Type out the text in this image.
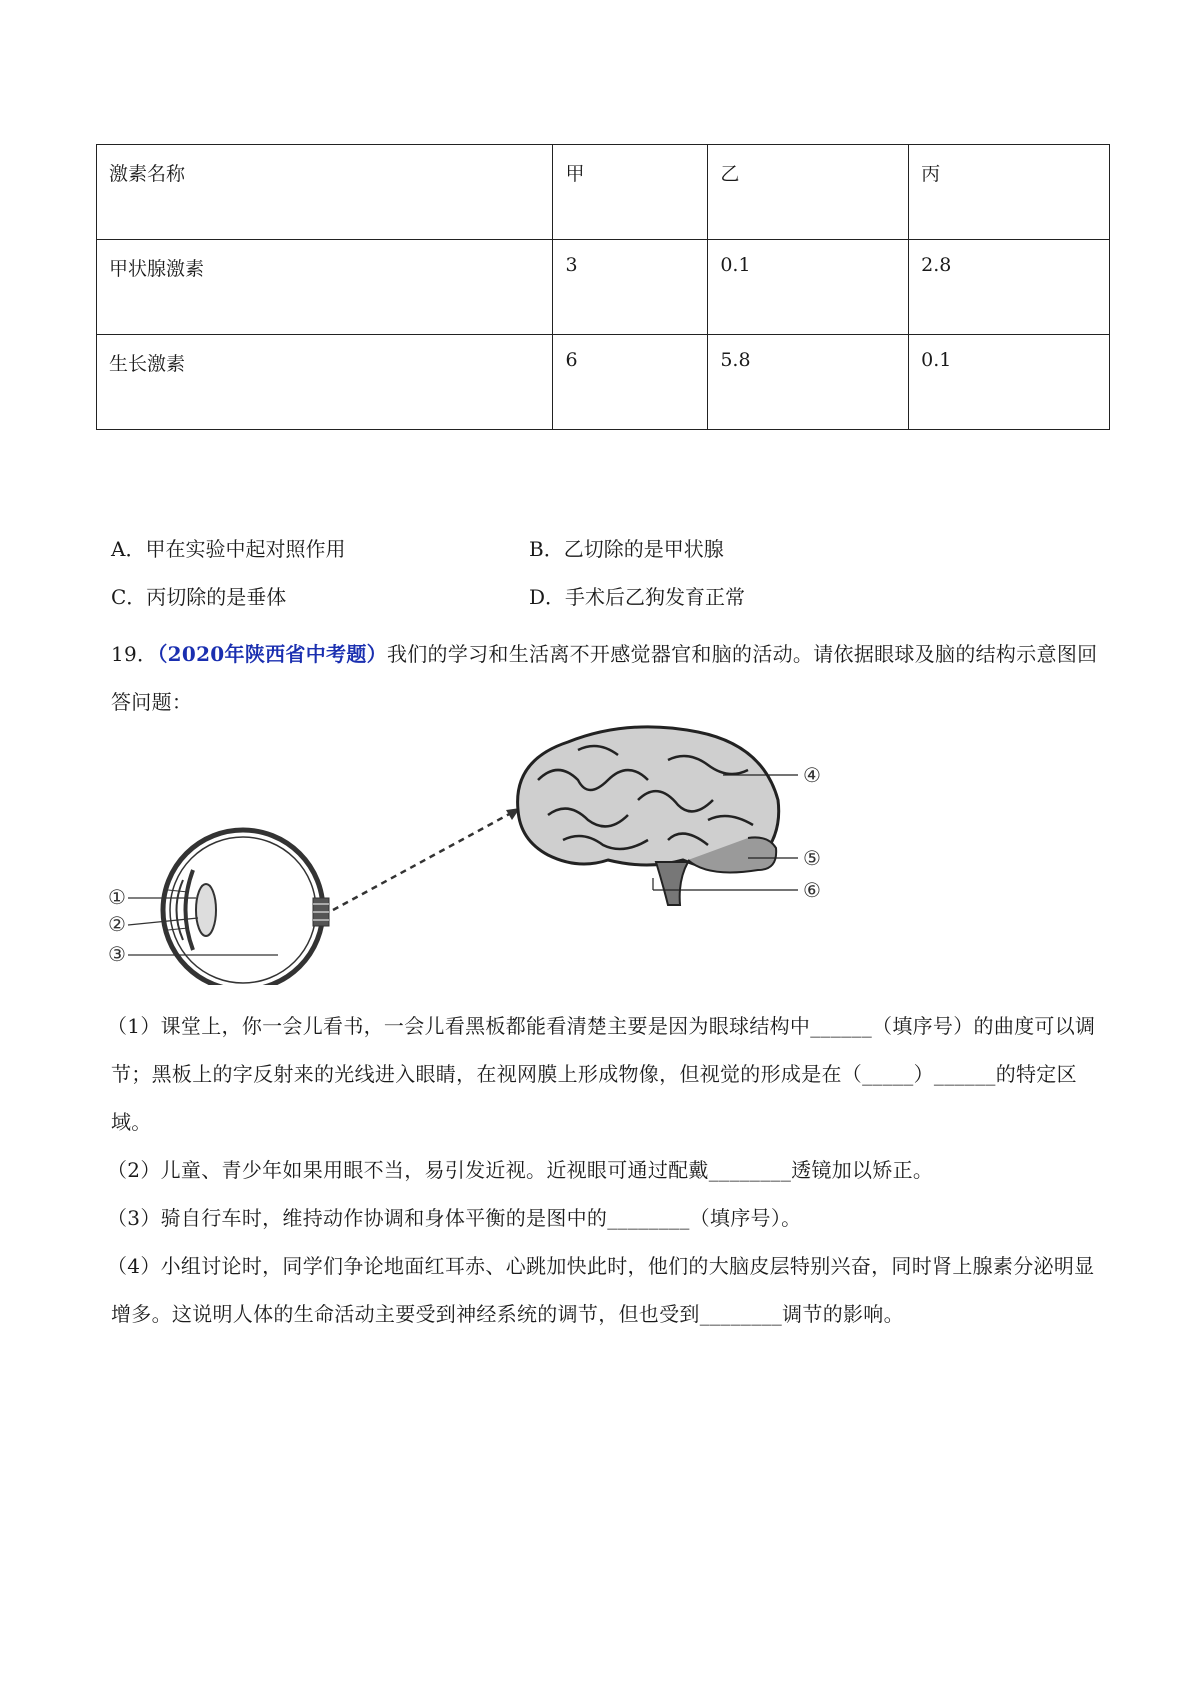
激素名称	甲	乙	丙
甲状腺激素	3	0.1	2.8
生长激素	6	5.8	0.1
A．甲在实验中起对照作用	B．乙切除的是甲状腺
C．丙切除的是垂体	D．手术后乙狗发育正常
19．（2020年陕西省中考题）我们的学习和生活离不开感觉器官和脑的活动。请依据眼球及脑的结构示意图回答问题：
①
②
③
④
⑤
⑥

（1）课堂上，你一会儿看书，一会儿看黑板都能看清楚主要是因为眼球结构中______（填序号）的曲度可以调节；黑板上的字反射来的光线进入眼睛，在视网膜上形成物像，但视觉的形成是在（_____）______的特定区域。

（2）儿童、青少年如果用眼不当，易引发近视。近视眼可通过配戴________透镜加以矫正。

（3）骑自行车时，维持动作协调和身体平衡的是图中的________（填序号）。

（4）小组讨论时，同学们争论地面红耳赤、心跳加快此时，他们的大脑皮层特别兴奋，同时肾上腺素分泌明显增多。这说明人体的生命活动主要受到神经系统的调节，但也受到________调节的影响。
